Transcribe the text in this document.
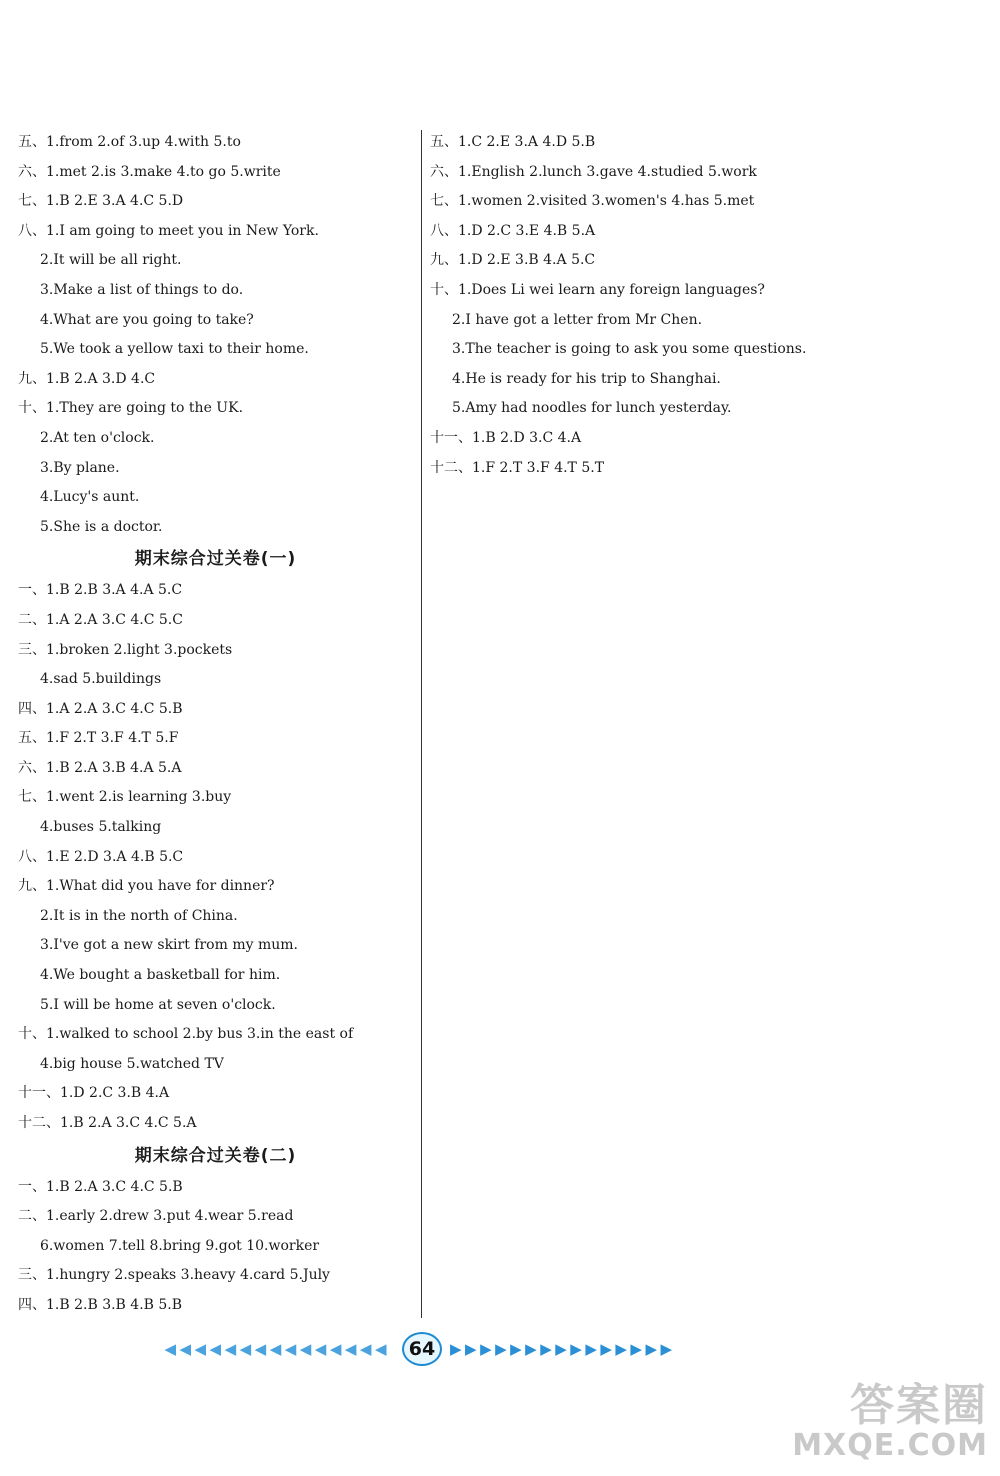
五、1.from 2.of 3.up 4.with 5.to
六、1.met 2.is 3.make 4.to go 5.write
七、1.B 2.E 3.A 4.C 5.D
八、1.I am going to meet you in New York.
2.It will be all right.
3.Make a list of things to do.
4.What are you going to take?
5.We took a yellow taxi to their home.
九、1.B 2.A 3.D 4.C
十、1.They are going to the UK.
2.At ten o'clock.
3.By plane.
4.Lucy's aunt.
5.She is a doctor.
期末综合过关卷(一)
一、1.B 2.B 3.A 4.A 5.C
二、1.A 2.A 3.C 4.C 5.C
三、1.broken 2.light 3.pockets
4.sad 5.buildings
四、1.A 2.A 3.C 4.C 5.B
五、1.F 2.T 3.F 4.T 5.F
六、1.B 2.A 3.B 4.A 5.A
七、1.went 2.is learning 3.buy
4.buses 5.talking
八、1.E 2.D 3.A 4.B 5.C
九、1.What did you have for dinner?
2.It is in the north of China.
3.I've got a new skirt from my mum.
4.We bought a basketball for him.
5.I will be home at seven o'clock.
十、1.walked to school 2.by bus 3.in the east of
4.big house 5.watched TV
十一、1.D 2.C 3.B 4.A
十二、1.B 2.A 3.C 4.C 5.A
期末综合过关卷(二)
一、1.B 2.A 3.C 4.C 5.B
二、1.early 2.drew 3.put 4.wear 5.read
6.women 7.tell 8.bring 9.got 10.worker
三、1.hungry 2.speaks 3.heavy 4.card 5.July
四、1.B 2.B 3.B 4.B 5.B
五、1.C 2.E 3.A 4.D 5.B
六、1.English 2.lunch 3.gave 4.studied 5.work
七、1.women 2.visited 3.women's 4.has 5.met
八、1.D 2.C 3.E 4.B 5.A
九、1.D 2.E 3.B 4.A 5.C
十、1.Does Li wei learn any foreign languages?
2.I have got a letter from Mr Chen.
3.The teacher is going to ask you some questions.
4.He is ready for his trip to Shanghai.
5.Amy had noodles for lunch yesterday.
十一、1.B 2.D 3.C 4.A
十二、1.F 2.T 3.F 4.T 5.T
◀◀◀◀◀◀◀◀◀◀◀◀◀◀◀ 64 ▶▶▶▶▶▶▶▶▶▶▶▶▶▶▶
答案圈
MXQE.COM
